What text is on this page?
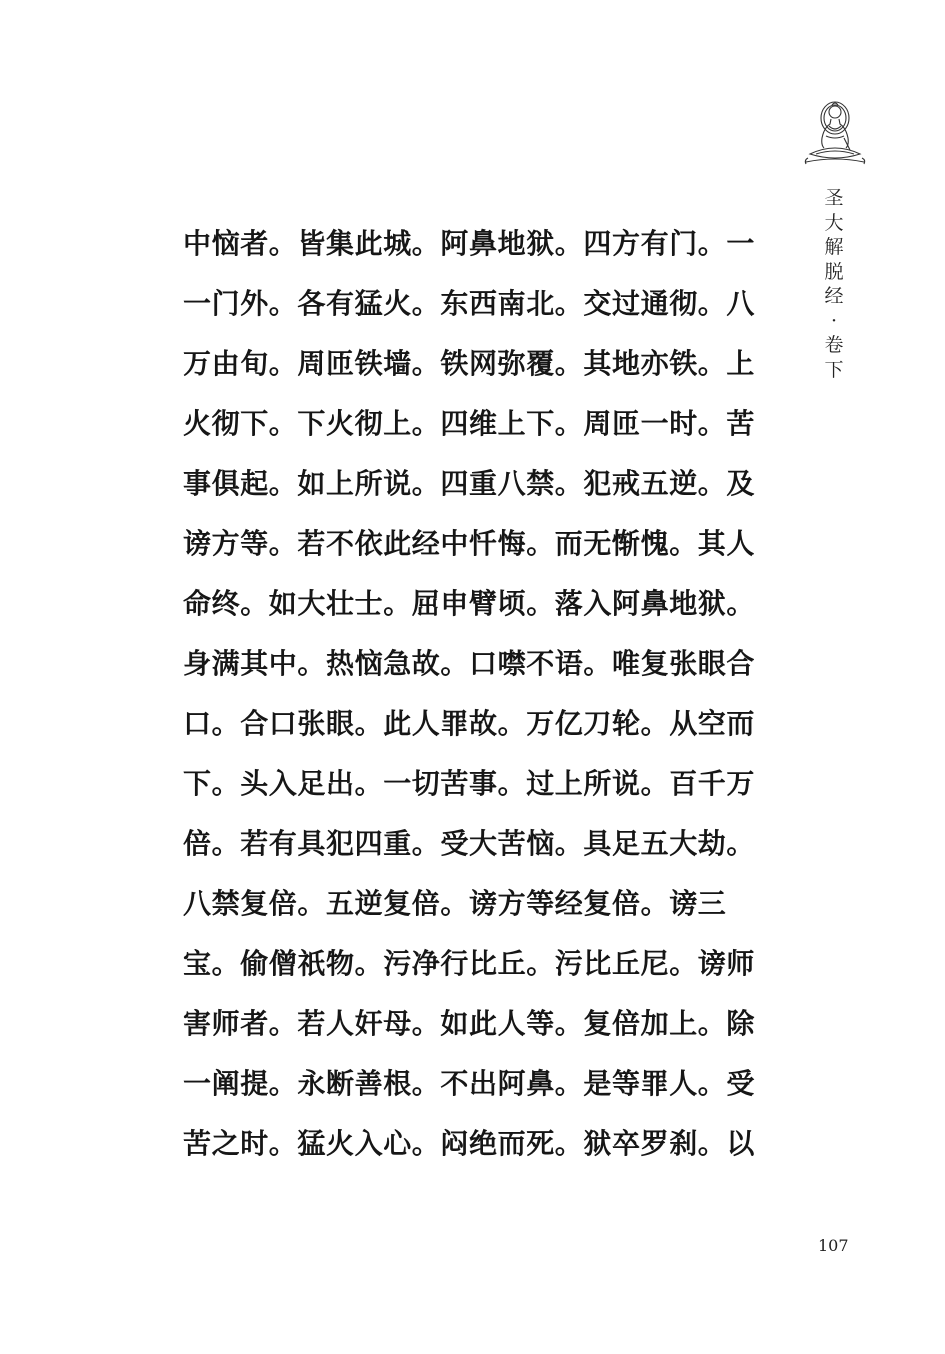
圣
大
解
脱
经
·
卷
下
中恼者。皆集此城。阿鼻地狱。四方有门。一
一门外。各有猛火。东西南北。交过通彻。八
万由旬。周匝铁墙。铁网弥覆。其地亦铁。上
火彻下。下火彻上。四维上下。周匝一时。苦
事俱起。如上所说。四重八禁。犯戒五逆。及
谤方等。若不依此经中忏悔。而无惭愧。其人
命终。如大壮士。屈申臂顷。落入阿鼻地狱。
身满其中。热恼急故。口噤不语。唯复张眼合
口。合口张眼。此人罪故。万亿刀轮。从空而
下。头入足出。一切苦事。过上所说。百千万
倍。若有具犯四重。受大苦恼。具足五大劫。
八禁复倍。五逆复倍。谤方等经复倍。谤三
宝。偷僧祇物。污净行比丘。污比丘尼。谤师
害师者。若人奸母。如此人等。复倍加上。除
一阐提。永断善根。不出阿鼻。是等罪人。受
苦之时。猛火入心。闷绝而死。狱卒罗刹。以
107
